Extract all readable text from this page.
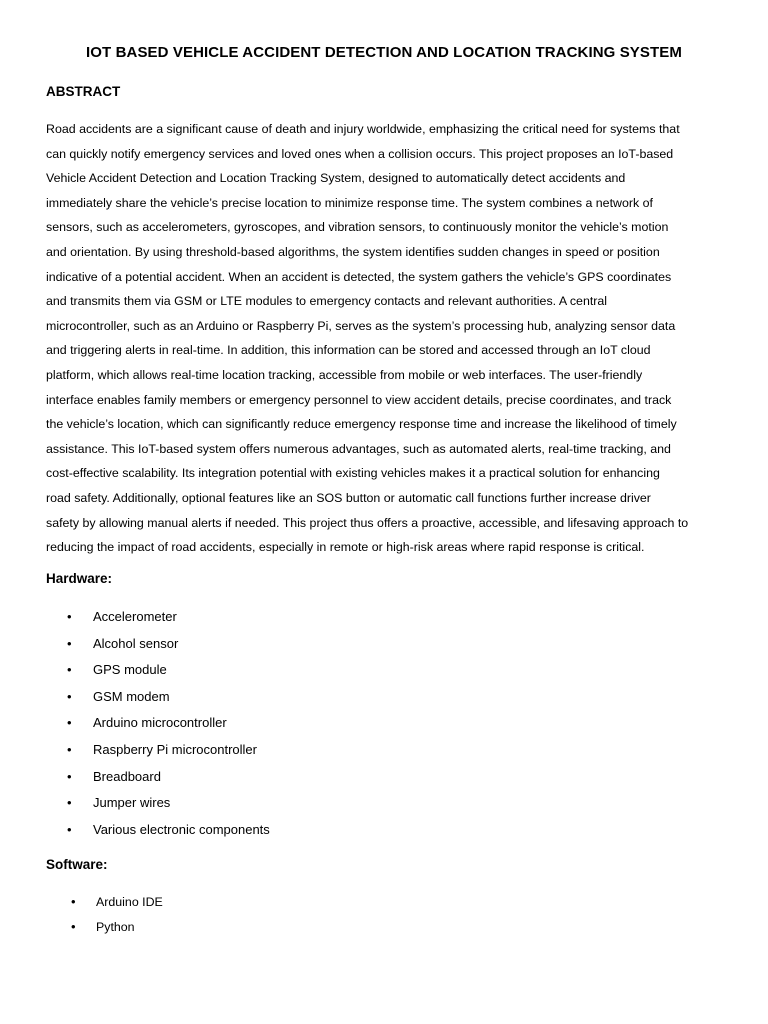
IOT BASED VEHICLE ACCIDENT DETECTION AND LOCATION TRACKING SYSTEM
ABSTRACT
Road accidents are a significant cause of death and injury worldwide, emphasizing the critical need for systems that
can quickly notify emergency services and loved ones when a collision occurs. This project proposes an IoT-based
Vehicle Accident Detection and Location Tracking System, designed to automatically detect accidents and
immediately share the vehicle’s precise location to minimize response time. The system combines a network of
sensors, such as accelerometers, gyroscopes, and vibration sensors, to continuously monitor the vehicle’s motion
and orientation. By using threshold-based algorithms, the system identifies sudden changes in speed or position
indicative of a potential accident. When an accident is detected, the system gathers the vehicle’s GPS coordinates
and transmits them via GSM or LTE modules to emergency contacts and relevant authorities. A central
microcontroller, such as an Arduino or Raspberry Pi, serves as the system’s processing hub, analyzing sensor data
and triggering alerts in real-time. In addition, this information can be stored and accessed through an IoT cloud
platform, which allows real-time location tracking, accessible from mobile or web interfaces. The user-friendly
interface enables family members or emergency personnel to view accident details, precise coordinates, and track
the vehicle’s location, which can significantly reduce emergency response time and increase the likelihood of timely
assistance. This IoT-based system offers numerous advantages, such as automated alerts, real-time tracking, and
cost-effective scalability. Its integration potential with existing vehicles makes it a practical solution for enhancing
road safety. Additionally, optional features like an SOS button or automatic call functions further increase driver
safety by allowing manual alerts if needed. This project thus offers a proactive, accessible, and lifesaving approach to
reducing the impact of road accidents, especially in remote or high-risk areas where rapid response is critical.
Hardware:
• Accelerometer
• Alcohol sensor
• GPS module
• GSM modem
• Arduino microcontroller
• Raspberry Pi microcontroller
• Breadboard
• Jumper wires
• Various electronic components
Software:
• Arduino IDE
• Python
